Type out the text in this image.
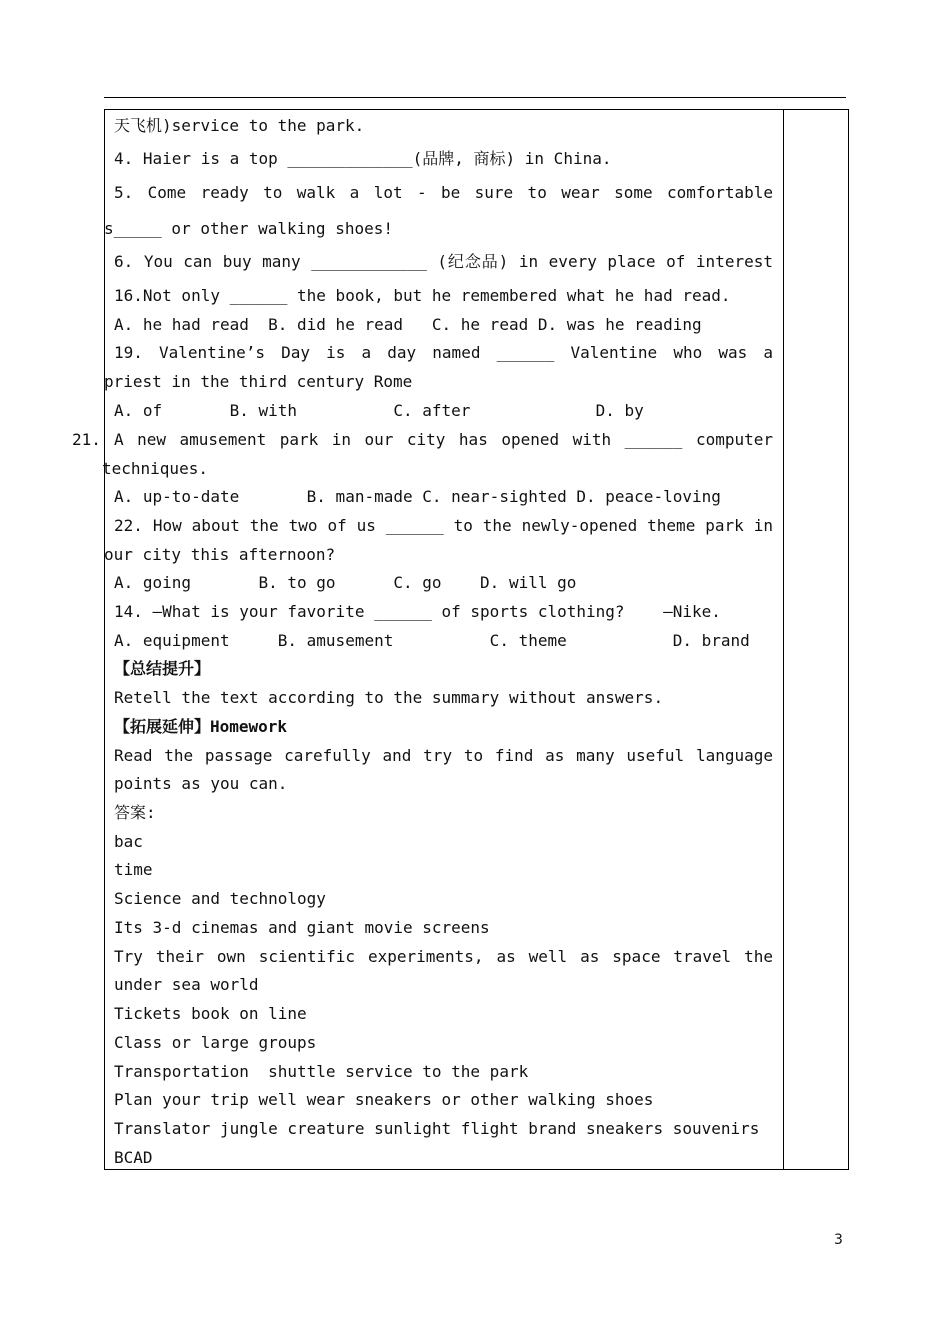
天飞机)service to the park.
4. Haier is a top _____________(品牌, 商标) in China.
5. Come ready to walk a lot - be sure to wear some comfortable
s_____ or other walking shoes!
6. You can buy many ____________ (纪念品) in every place of interest
16.Not only ______ the book, but he remembered what he had read.
A. he had read  B. did he read   C. he read D. was he reading
19. Valentine’s Day is a day named ______ Valentine who was a
priest in the third century Rome
A. of       B. with          C. after             D. by
21. A new amusement park in our city has opened with ______ computer
techniques.
A. up-to-date       B. man-made C. near-sighted D. peace-loving
22. How about the two of us ______ to the newly-opened theme park in
our city this afternoon?
A. going       B. to go      C. go    D. will go
14. —What is your favorite ______ of sports clothing?    —Nike.
A. equipment     B. amusement          C. theme           D. brand
【总结提升】
Retell the text according to the summary without answers.
【拓展延伸】Homework
Read the passage carefully and try to find as many useful language
points as you can.
答案:
bac
time
Science and technology
Its 3-d cinemas and giant movie screens
Try their own scientific experiments, as well as space travel the
under sea world
Tickets book on line
Class or large groups
Transportation  shuttle service to the park
Plan your trip well wear sneakers or other walking shoes
Translator jungle creature sunlight flight brand sneakers souvenirs
BCAD
3
